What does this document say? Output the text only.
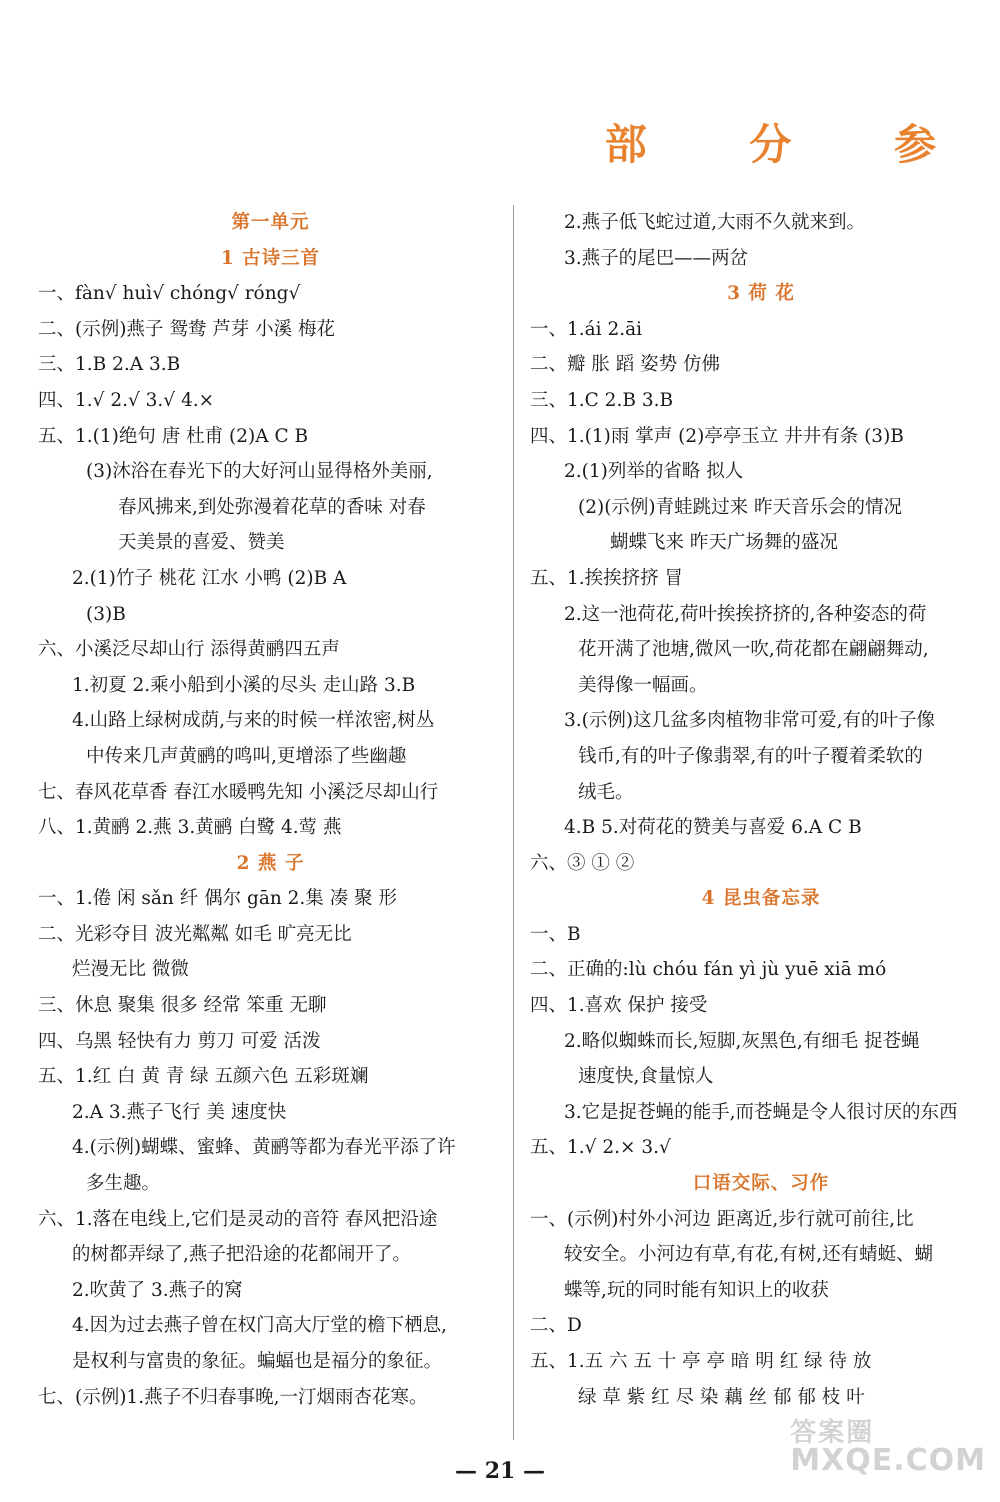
部 分 参
第一单元
1 古诗三首
一、fàn√ huì√ chóng√ róng√
二、(示例)燕子 鸳鸯 芦芽 小溪 梅花
三、1.B 2.A 3.B
四、1.√ 2.√ 3.√ 4.×
五、1.(1)绝句 唐 杜甫 (2)A C B
(3)沐浴在春光下的大好河山显得格外美丽,
春风拂来,到处弥漫着花草的香味 对春
天美景的喜爱、赞美
2.(1)竹子 桃花 江水 小鸭 (2)B A
(3)B
六、小溪泛尽却山行 添得黄鹂四五声
1.初夏 2.乘小船到小溪的尽头 走山路 3.B
4.山路上绿树成荫,与来的时候一样浓密,树丛
中传来几声黄鹂的鸣叫,更增添了些幽趣
七、春风花草香 春江水暖鸭先知 小溪泛尽却山行
八、1.黄鹂 2.燕 3.黄鹂 白鹭 4.莺 燕
2 燕 子
一、1.倦 闲 sǎn 纤 偶尔 gān 2.集 凑 聚 形
二、光彩夺目 波光粼粼 如毛 旷亮无比
烂漫无比 微微
三、休息 聚集 很多 经常 笨重 无聊
四、乌黑 轻快有力 剪刀 可爱 活泼
五、1.红 白 黄 青 绿 五颜六色 五彩斑斓
2.A 3.燕子飞行 美 速度快
4.(示例)蝴蝶、蜜蜂、黄鹂等都为春光平添了许
多生趣。
六、1.落在电线上,它们是灵动的音符 春风把沿途
的树都弄绿了,燕子把沿途的花都闹开了。
2.吹黄了 3.燕子的窝
4.因为过去燕子曾在权门高大厅堂的檐下栖息,
是权利与富贵的象征。蝙蝠也是福分的象征。
七、(示例)1.燕子不归春事晚,一汀烟雨杏花寒。
2.燕子低飞蛇过道,大雨不久就来到。
3.燕子的尾巴——两岔
3 荷 花
一、1.ái 2.āi
二、瓣 胀 蹈 姿势 仿佛
三、1.C 2.B 3.B
四、1.(1)雨 掌声 (2)亭亭玉立 井井有条 (3)B
2.(1)列举的省略 拟人
(2)(示例)青蛙跳过来 昨天音乐会的情况
蝴蝶飞来 昨天广场舞的盛况
五、1.挨挨挤挤 冒
2.这一池荷花,荷叶挨挨挤挤的,各种姿态的荷
花开满了池塘,微风一吹,荷花都在翩翩舞动,
美得像一幅画。
3.(示例)这几盆多肉植物非常可爱,有的叶子像
钱币,有的叶子像翡翠,有的叶子覆着柔软的
绒毛。
4.B 5.对荷花的赞美与喜爱 6.A C B
六、③ ① ②
4 昆虫备忘录
一、B
二、正确的:lù chóu fán yì jù yuē xiā mó
四、1.喜欢 保护 接受
2.略似蜘蛛而长,短脚,灰黑色,有细毛 捉苍蝇
速度快,食量惊人
3.它是捉苍蝇的能手,而苍蝇是令人很讨厌的东西
五、1.√ 2.× 3.√
口语交际、习作
一、(示例)村外小河边 距离近,步行就可前往,比
较安全。小河边有草,有花,有树,还有蜻蜓、蝴
蝶等,玩的同时能有知识上的收获
二、D
五、1.五 六 五 十 亭 亭 暗 明 红 绿 待 放
绿 草 紫 红 尽 染 藕 丝 郁 郁 枝 叶
— 21 —
答案圈
MXQE.COM
